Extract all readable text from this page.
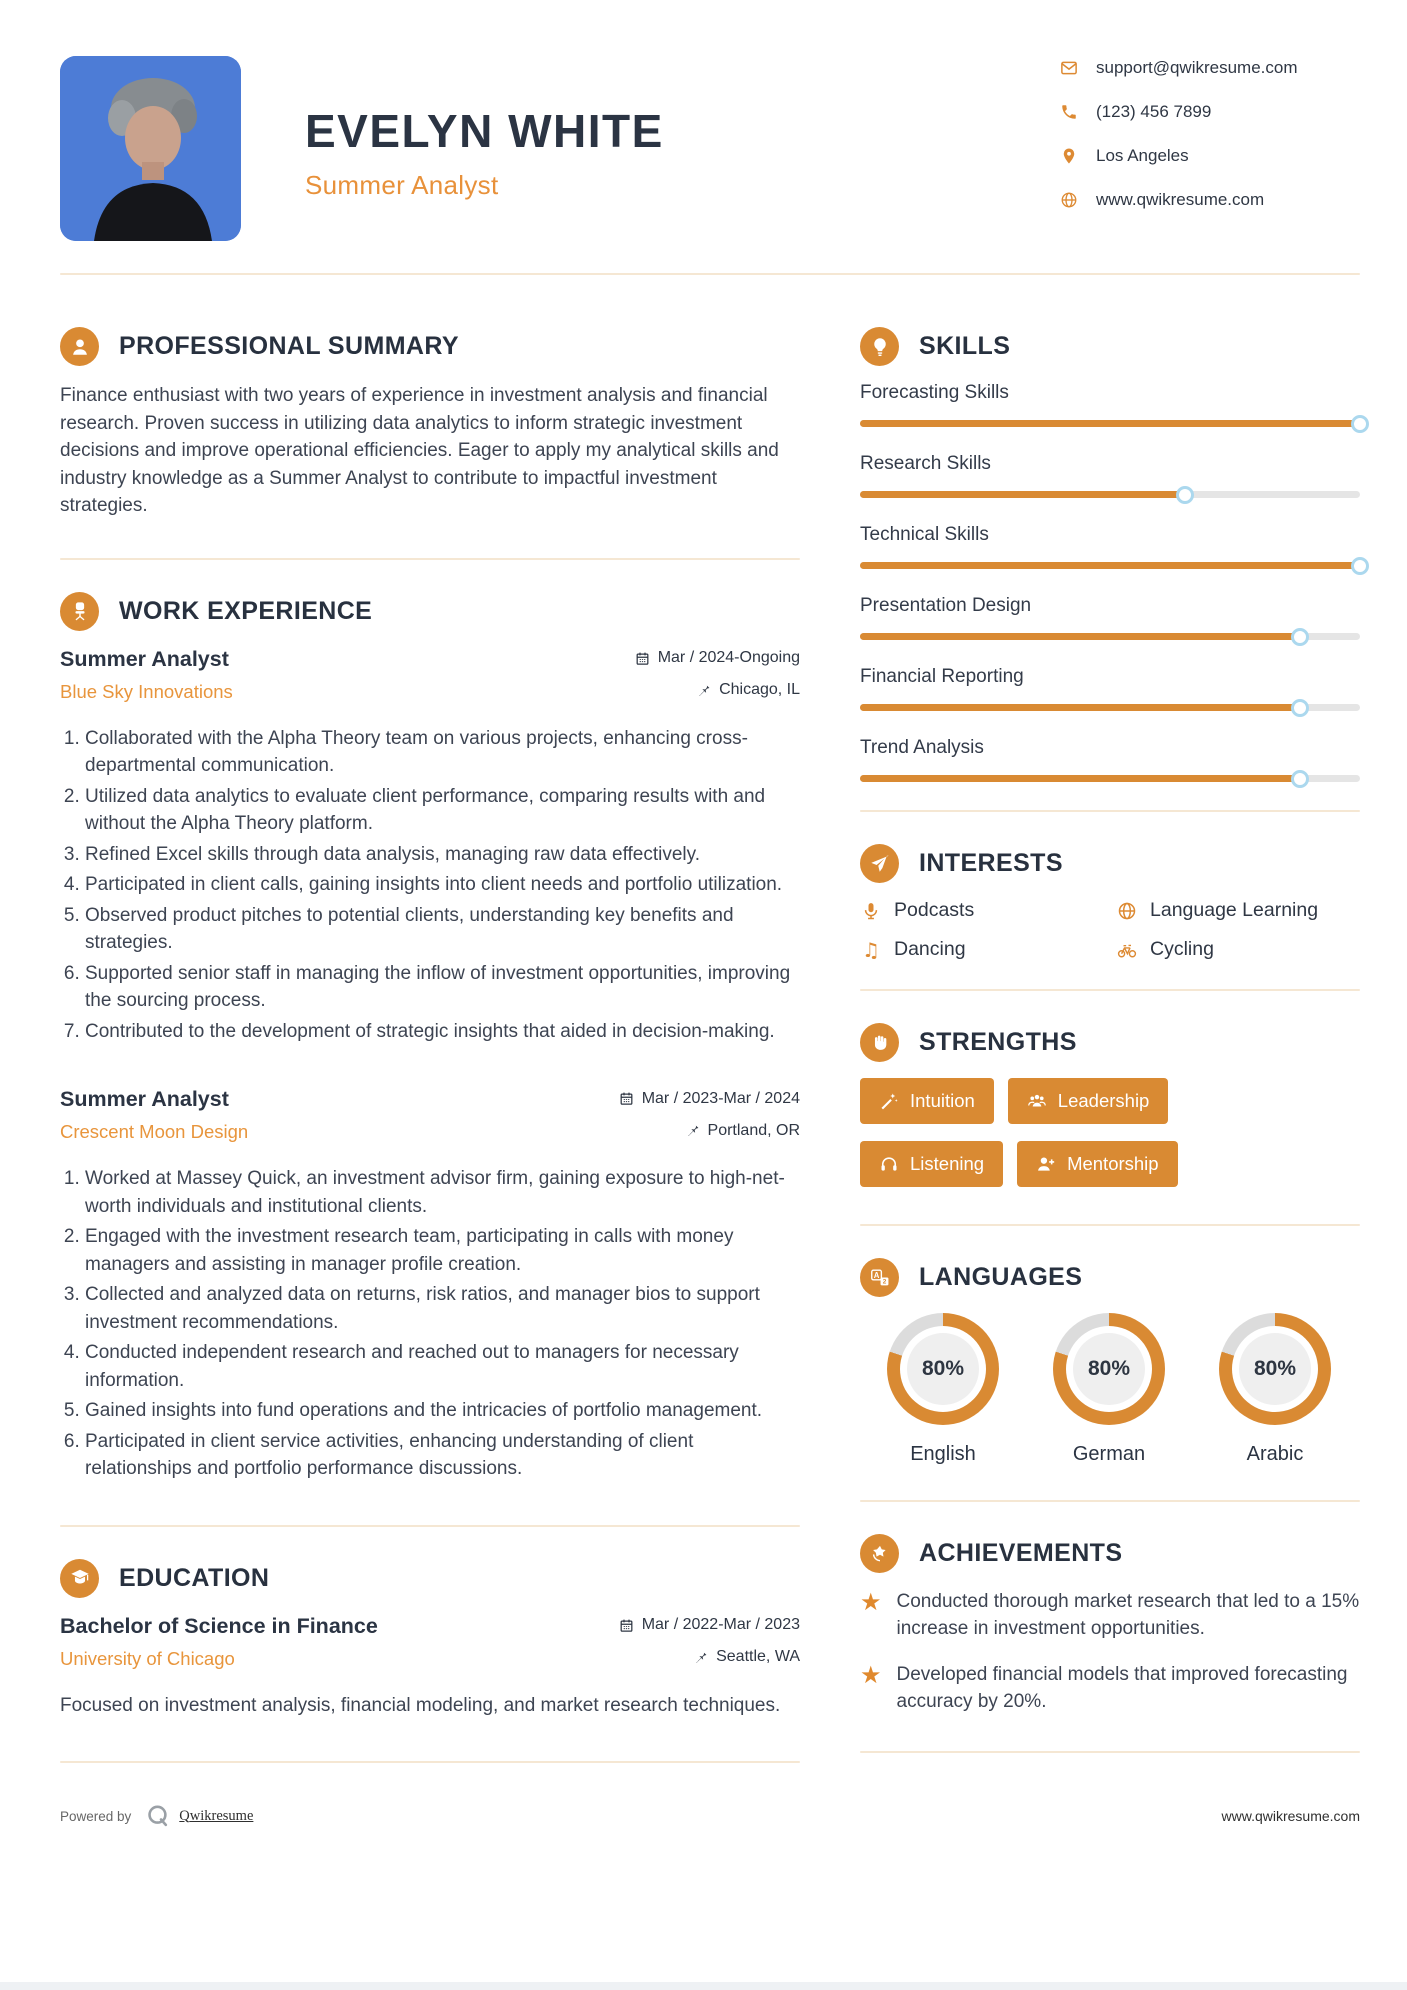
EVELYN WHITE
Summer Analyst
support@qwikresume.com
(123) 456 7899
Los Angeles
www.qwikresume.com
PROFESSIONAL SUMMARY

Finance enthusiast with two years of experience in investment analysis and financial research. Proven success in utilizing data analytics to inform strategic investment decisions and improve operational efficiencies. Eager to apply my analytical skills and industry knowledge as a Summer Analyst to contribute to impactful investment strategies.

WORK EXPERIENCE
Summer Analyst	Mar / 2024-Ongoing
Blue Sky Innovations	Chicago, IL
1. Collaborated with the Alpha Theory team on various projects, enhancing cross-departmental communication.
2. Utilized data analytics to evaluate client performance, comparing results with and without the Alpha Theory platform.
3. Refined Excel skills through data analysis, managing raw data effectively.
4. Participated in client calls, gaining insights into client needs and portfolio utilization.
5. Observed product pitches to potential clients, understanding key benefits and strategies.
6. Supported senior staff in managing the inflow of investment opportunities, improving the sourcing process.
7. Contributed to the development of strategic insights that aided in decision-making.
Summer Analyst	Mar / 2023-Mar / 2024
Crescent Moon Design	Portland, OR
1. Worked at Massey Quick, an investment advisor firm, gaining exposure to high-net-worth individuals and institutional clients.
2. Engaged with the investment research team, participating in calls with money managers and assisting in manager profile creation.
3. Collected and analyzed data on returns, risk ratios, and manager bios to support investment recommendations.
4. Conducted independent research and reached out to managers for necessary information.
5. Gained insights into fund operations and the intricacies of portfolio management.
6. Participated in client service activities, enhancing understanding of client relationships and portfolio performance discussions.
EDUCATION
Bachelor of Science in Finance	Mar / 2022-Mar / 2023
University of Chicago	Seattle, WA

Focused on investment analysis, financial modeling, and market research techniques.

SKILLS
Forecasting Skills
Research Skills
Technical Skills
Presentation Design
Financial Reporting
Trend Analysis
INTERESTS
Podcasts	Language Learning
♫ Dancing	Cycling
STRENGTHS
Intuition	Leadership

Listening	Mentorship
A
2 LANGUAGES
80%
English
80%
German
80%
Arabic
ACHIEVEMENTS
★ Conducted thorough market research that led to a 15% increase in investment opportunities.
★ Developed financial models that improved forecasting accuracy by 20%.
Powered by	Qwikresume	www.qwikresume.com
